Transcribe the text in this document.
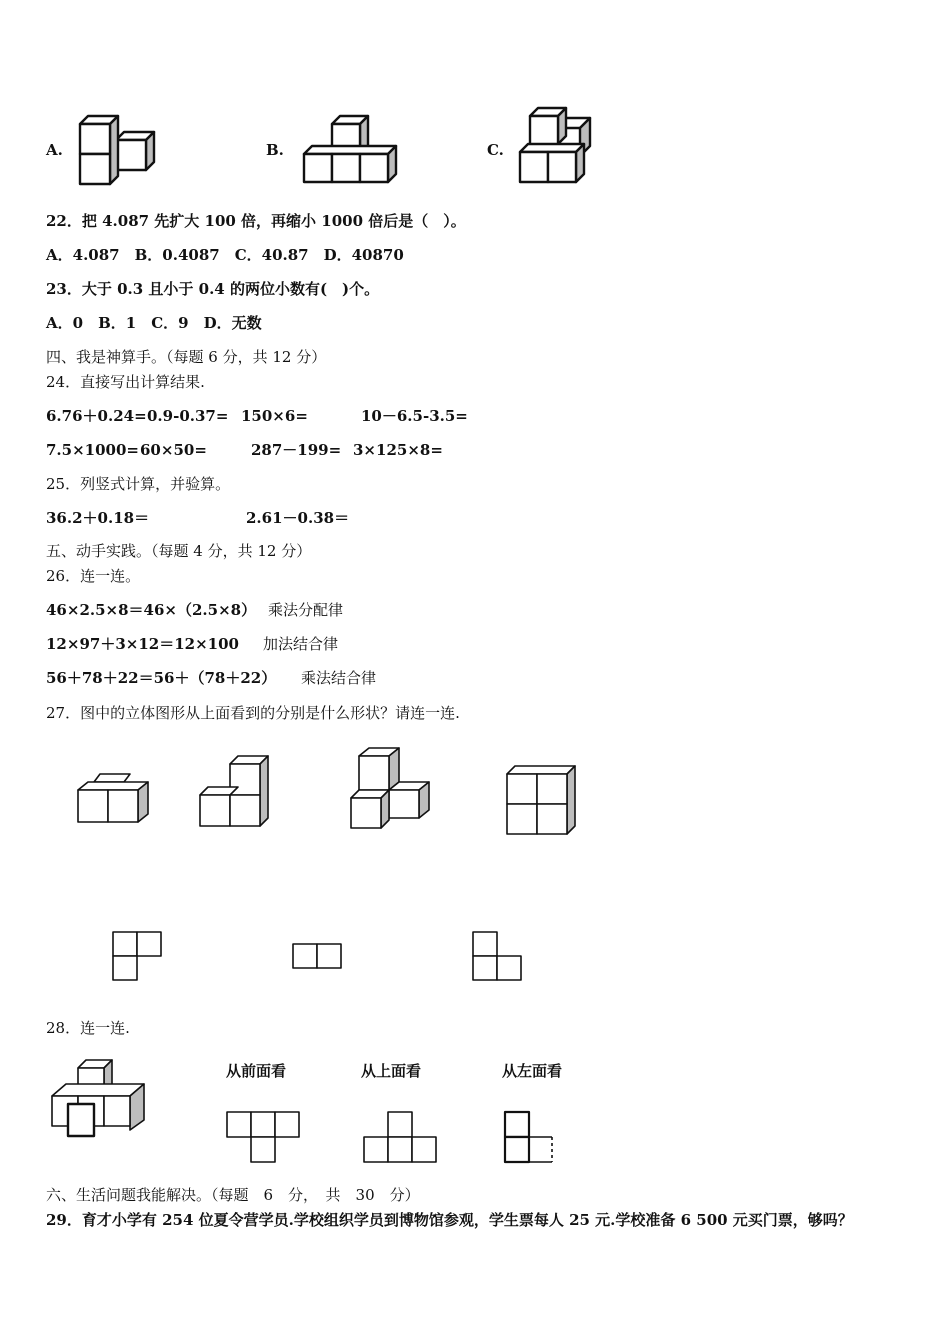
A.	B.	C.
22．把 4.087 先扩大 100 倍，再缩小 1000 倍后是（　）。
A．4.087　B．0.4087　C．40.87　D．40870
23．大于 0.3 且小于 0.4 的两位小数有(　)个。
A．0　B．1　C．9　D．无数
四、我是神算手。（每题 6 分，共 12 分）
24．直接写出计算结果.
6.76＋0.24= 0.9-0.37= 150×6=	10－6.5-3.5=
7.5×1000= 60×50=	287－199= 3×125×8=
25．列竖式计算，并验算。
36.2＋0.18＝	2.61－0.38＝
五、动手实践。（每题 4 分，共 12 分）
26．连一连。
46×2.5×8＝46×（2.5×8） 乘法分配律
12×97＋3×12＝12×100 加法结合律
56＋78＋22＝56＋（78＋22） 乘法结合律
27．图中的立体图形从上面看到的分别是什么形状？请连一连.
28．连一连.
从前面看	从上面看	从左面看
六、生活问题我能解决。（每题　6　分，　共　30　分）
29．育才小学有 254 位夏令营学员.学校组织学员到博物馆参观，学生票每人 25 元.学校准备 6 500 元买门票，够吗？
